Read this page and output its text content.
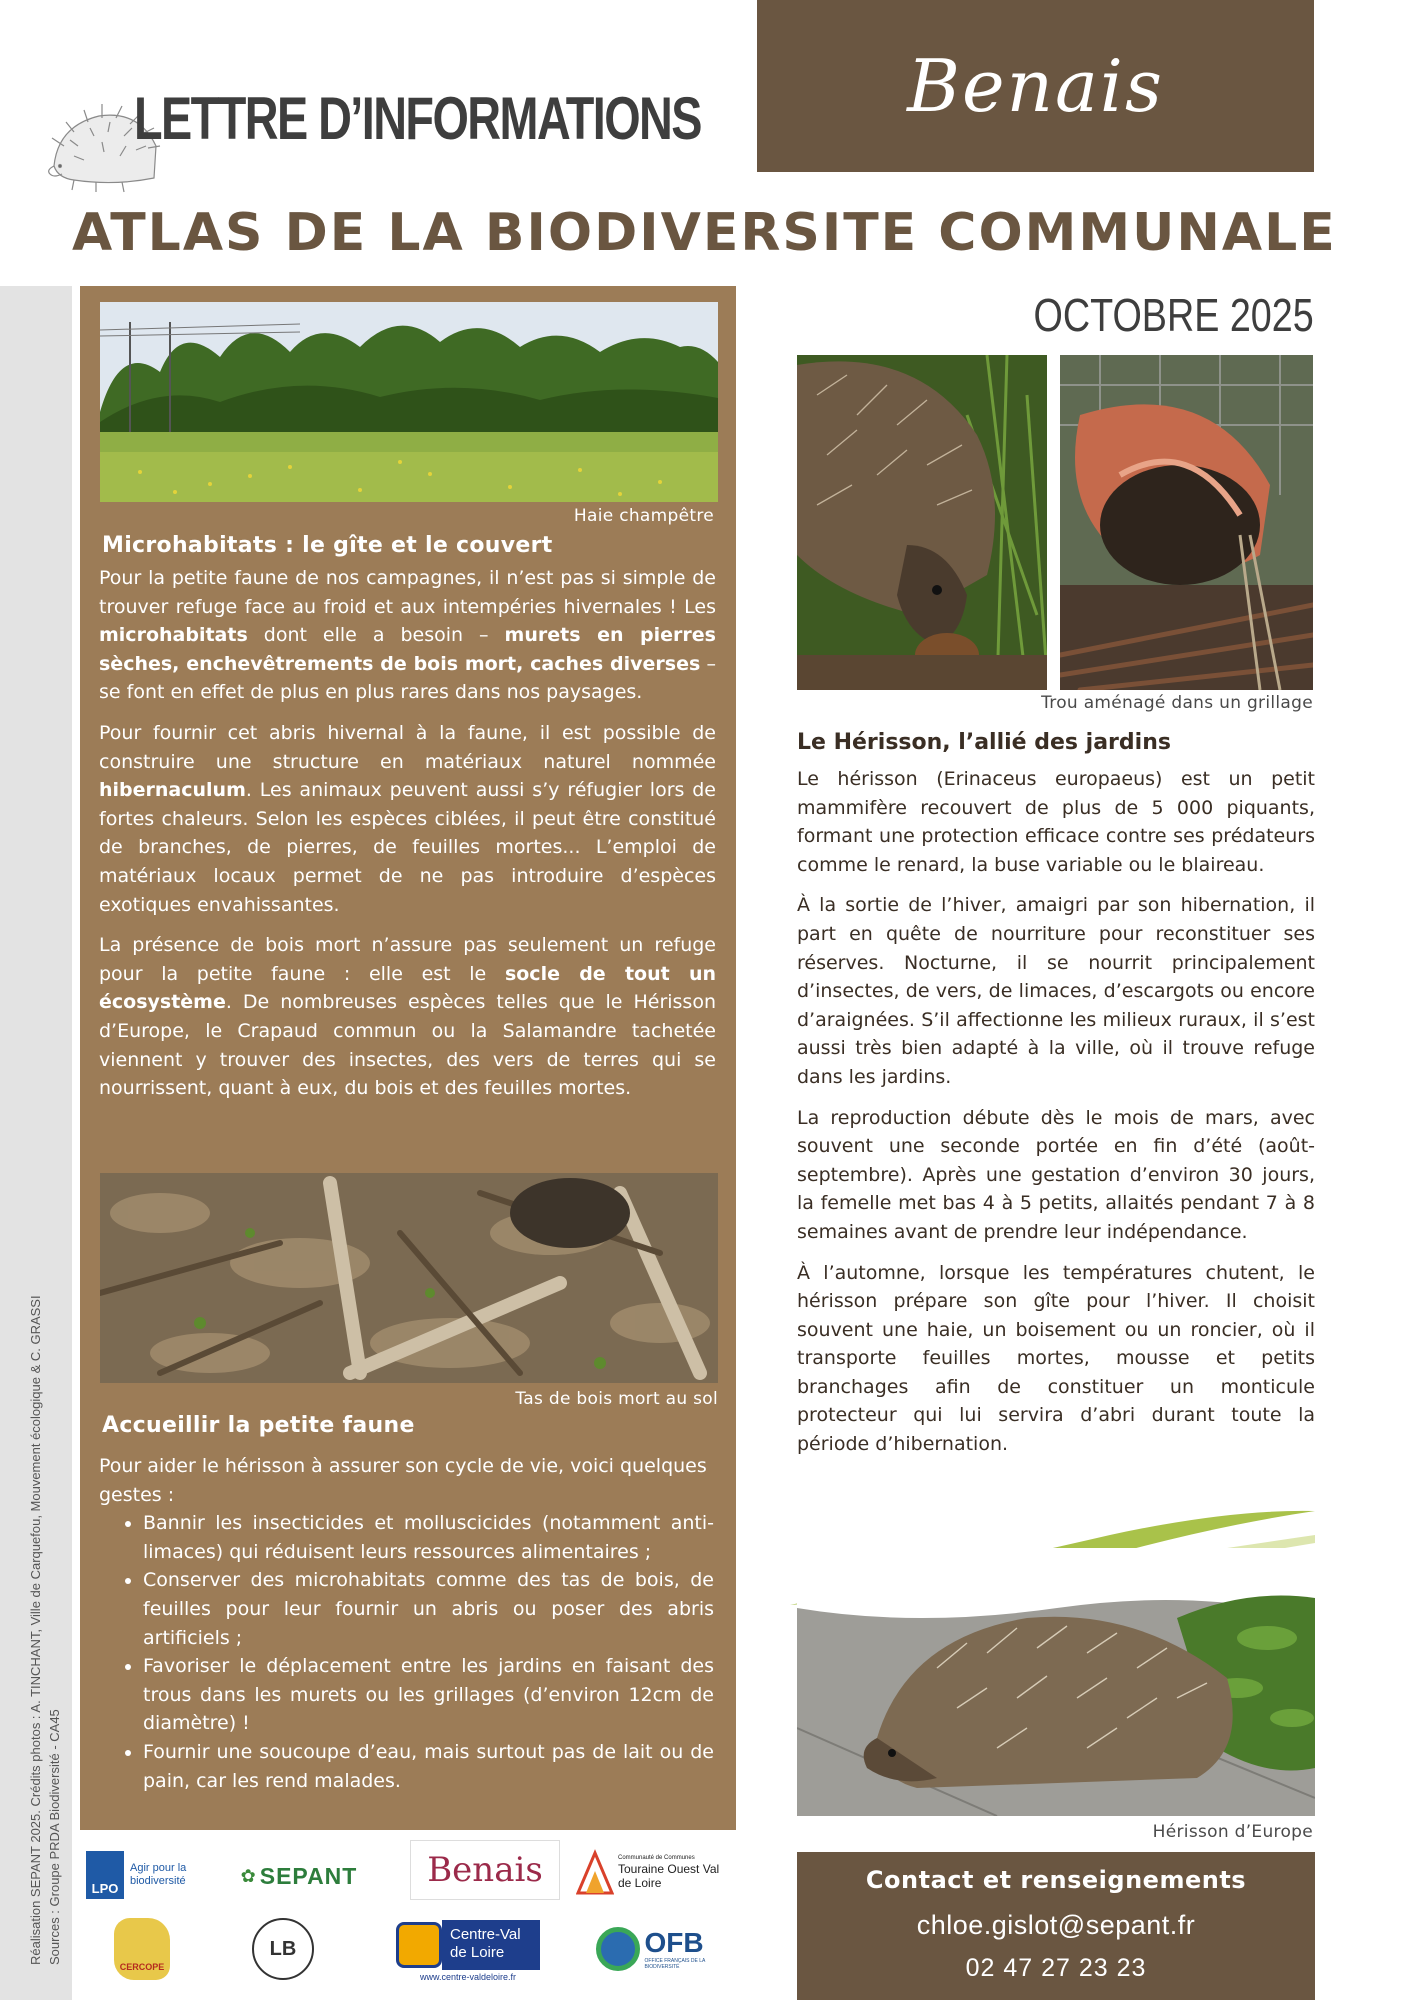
LETTRE D’INFORMATIONS	Benais
ATLAS DE LA BIODIVERSITE COMMUNALE
OCTOBRE 2025
Réalisation SEPANT 2025. Crédits photos : A. TINCHANT, Ville de Carquefou, Mouvement écologique & C. GRASSI Sources : Groupe PRDA Biodiversité - CA45
Haie champêtre
Microhabitats : le gîte et le couvert

Pour la petite faune de nos campagnes, il n’est pas si simple de trouver refuge face au froid et aux intempéries hivernales ! Les microhabitats dont elle a besoin – murets en pierres sèches, enchevêtrements de bois mort, caches diverses – se font en effet de plus en plus rares dans nos paysages.

Pour fournir cet abris hivernal à la faune, il est possible de construire une structure en matériaux naturel nommée hibernaculum. Les animaux peuvent aussi s’y réfugier lors de fortes chaleurs. Selon les espèces ciblées, il peut être constitué de branches, de pierres, de feuilles mortes... L’emploi de matériaux locaux permet de ne pas introduire d’espèces exotiques envahissantes.

La présence de bois mort n’assure pas seulement un refuge pour la petite faune : elle est le socle de tout un écosystème. De nombreuses espèces telles que le Hérisson d’Europe, le Crapaud commun ou la Salamandre tachetée viennent y trouver des insectes, des vers de terres qui se nourrissent, quant à eux, du bois et des feuilles mortes.

Tas de bois mort au sol
Accueillir la petite faune
Pour aider le hérisson à assurer son cycle de vie, voici quelques gestes :
• Bannir les insecticides et molluscicides (notamment anti-limaces) qui réduisent leurs ressources alimentaires ;
• Conserver des microhabitats comme des tas de bois, de feuilles pour leur fournir un abris ou poser des abris artificiels ;
• Favoriser le déplacement entre les jardins en faisant des trous dans les murets ou les grillages (d’environ 12cm de diamètre) !
• Fournir une soucoupe d’eau, mais surtout pas de lait ou de pain, car les rend malades.
LPO
Agir pour la biodiversité	✿ SEPANT Benais	Communauté de Communes
Touraine Ouest Val de Loire
CERCOPE
LB
Centre-Val de Loire
www.centre-valdeloire.fr
OFB
OFFICE FRANÇAIS DE LA BIODIVERSITÉ
Trou aménagé dans un grillage
Le Hérisson, l’allié des jardins

Le hérisson (Erinaceus europaeus) est un petit mammifère recouvert de plus de 5 000 piquants, formant une protection efficace contre ses prédateurs comme le renard, la buse variable ou le blaireau.

À la sortie de l’hiver, amaigri par son hibernation, il part en quête de nourriture pour reconstituer ses réserves. Nocturne, il se nourrit principalement d’insectes, de vers, de limaces, d’escargots ou encore d’araignées. S’il affectionne les milieux ruraux, il s’est aussi très bien adapté à la ville, où il trouve refuge dans les jardins.

La reproduction débute dès le mois de mars, avec souvent une seconde portée en fin d’été (août-septembre). Après une gestation d’environ 30 jours, la femelle met bas 4 à 5 petits, allaités pendant 7 à 8 semaines avant de prendre leur indépendance.

À l’automne, lorsque les températures chutent, le hérisson prépare son gîte pour l’hiver. Il choisit souvent une haie, un boisement ou un roncier, où il transporte feuilles mortes, mousse et petits branchages afin de constituer un monticule protecteur qui lui servira d’abri durant toute la période d’hibernation.

Hérisson d’Europe
Contact et renseignements
chloe.gislot@sepant.fr
02 47 27 23 23
